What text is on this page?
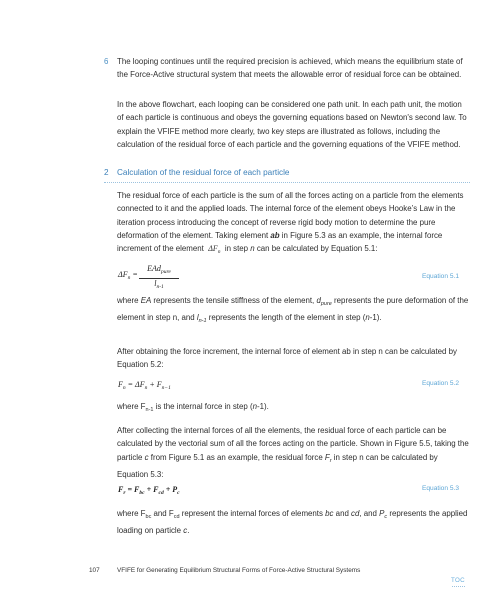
6 The looping continues until the required precision is achieved, which means the equilibrium state of the Force-Active structural system that meets the allowable error of residual force can be obtained.
In the above flowchart, each looping can be considered one path unit. In each path unit, the motion of each particle is continuous and obeys the governing equations based on Newton's second law. To explain the VFIFE method more clearly, two key steps are illustrated as follows, including the calculation of the residual force of each particle and the governing equations of the VFIFE method.
2 Calculation of the residual force of each particle
The residual force of each particle is the sum of all the forces acting on a particle from the elements connected to it and the applied loads. The internal force of the element obeys Hooke’s Law in the iteration process introducing the concept of reverse rigid body motion to determine the pure deformation of the element. Taking element ab in Figure 5.3 as an example, the internal force increment of the element  $\Delta F_n$  in step n can be calculated by Equation 5.1:
$\Delta F_n$ =
EAd$_{pure}$
$l_{n-1}$
Equation 5.1
where EA represents the tensile stiffness of the element, $d_{pure}$ represents the pure deformation of the element in step n, and $l_{n-1}$ represents the length of the element in step (n-1).
After obtaining the force increment, the internal force of element ab in step n can be calculated by Equation 5.2:
$F_n = \Delta F_n + F_{n-1}$
Equation 5.2
where $F_{n-1}$ is the internal force in step (n-1).
After collecting the internal forces of all the elements, the residual force of each particle can be calculated by the vectorial sum of all the forces acting on the particle. Shown in Figure 5.5, taking the particle c from Figure 5.1 as an example, the residual force $F_r$ in step n can be calculated by Equation 5.3:
$F_r = F_{bc} + F_{cd} + P_c$
Equation 5.3
where $F_{bc}$ and $F_{cd}$ represent the internal forces of elements bc and cd, and $P_c$ represents the applied loading on particle c.
107	VFIFE for Generating Equilibrium Structural Forms of Force-Active Structural Systems
TOC
